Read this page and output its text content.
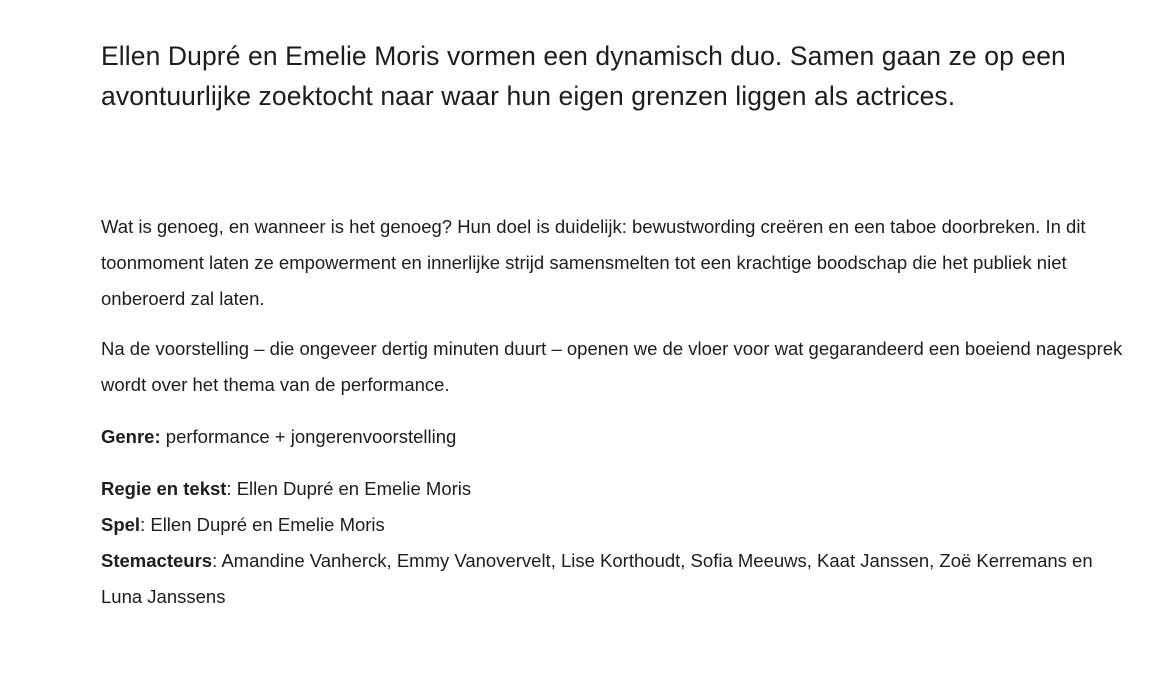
Ellen Dupré en Emelie Moris vormen een dynamisch duo. Samen gaan ze op een avontuurlijke zoektocht naar waar hun eigen grenzen liggen als actrices.

Wat is genoeg, en wanneer is het genoeg? Hun doel is duidelijk: bewustwording creëren en een taboe doorbreken. In dit toonmoment laten ze empowerment en innerlijke strijd samensmelten tot een krachtige boodschap die het publiek niet onberoerd zal laten.

Na de voorstelling – die ongeveer dertig minuten duurt – openen we de vloer voor wat gegarandeerd een boeiend nagesprek wordt over het thema van de performance.

Genre: performance + jongerenvoorstelling

Regie en tekst: Ellen Dupré en Emelie Moris
Spel: Ellen Dupré en Emelie Moris
Stemacteurs: Amandine Vanherck, Emmy Vanovervelt, Lise Korthoudt, Sofia Meeuws, Kaat Janssen, Zoë Kerremans en Luna Janssens
